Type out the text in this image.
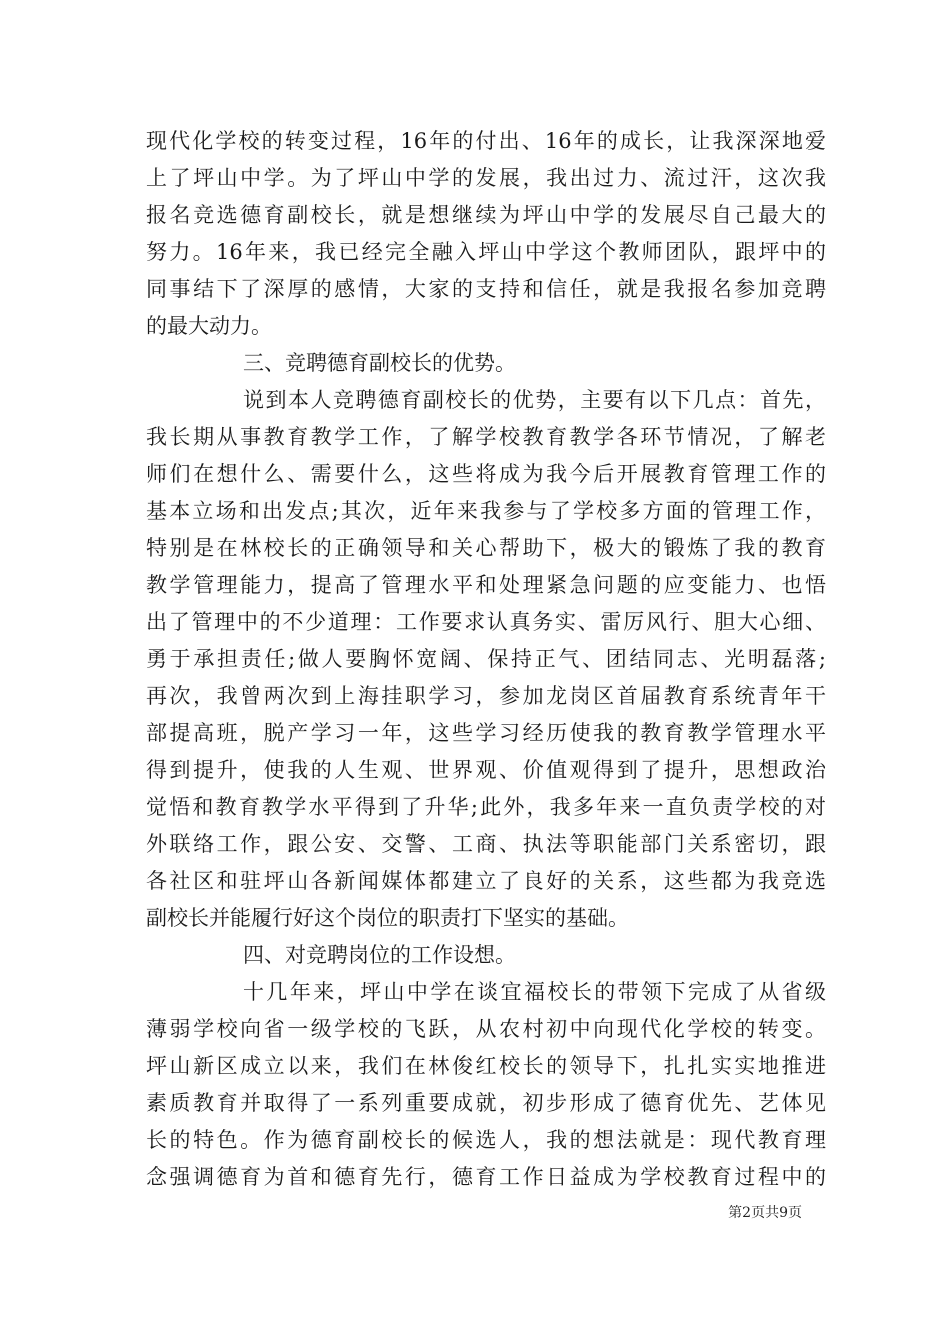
现代化学校的转变过程，16年的付出、16年的成长，让我深深地爱
上了坪山中学。为了坪山中学的发展，我出过力、流过汗，这次我
报名竞选德育副校长，就是想继续为坪山中学的发展尽自己最大的
努力。16年来，我已经完全融入坪山中学这个教师团队，跟坪中的
同事结下了深厚的感情，大家的支持和信任，就是我报名参加竞聘
的最大动力。
三、竞聘德育副校长的优势。
说到本人竞聘德育副校长的优势，主要有以下几点：首先，
我长期从事教育教学工作，了解学校教育教学各环节情况，了解老
师们在想什么、需要什么，这些将成为我今后开展教育管理工作的
基本立场和出发点;其次，近年来我参与了学校多方面的管理工作，
特别是在林校长的正确领导和关心帮助下，极大的锻炼了我的教育
教学管理能力，提高了管理水平和处理紧急问题的应变能力、也悟
出了管理中的不少道理：工作要求认真务实、雷厉风行、胆大心细、
勇于承担责任;做人要胸怀宽阔、保持正气、团结同志、光明磊落;
再次，我曾两次到上海挂职学习，参加龙岗区首届教育系统青年干
部提高班，脱产学习一年，这些学习经历使我的教育教学管理水平
得到提升，使我的人生观、世界观、价值观得到了提升，思想政治
觉悟和教育教学水平得到了升华;此外，我多年来一直负责学校的对
外联络工作，跟公安、交警、工商、执法等职能部门关系密切，跟
各社区和驻坪山各新闻媒体都建立了良好的关系，这些都为我竞选
副校长并能履行好这个岗位的职责打下坚实的基础。
四、对竞聘岗位的工作设想。
十几年来，坪山中学在谈宜福校长的带领下完成了从省级
薄弱学校向省一级学校的飞跃，从农村初中向现代化学校的转变。
坪山新区成立以来，我们在林俊红校长的领导下，扎扎实实地推进
素质教育并取得了一系列重要成就，初步形成了德育优先、艺体见
长的特色。作为德育副校长的候选人，我的想法就是：现代教育理
念强调德育为首和德育先行，德育工作日益成为学校教育过程中的
第2页共9页
